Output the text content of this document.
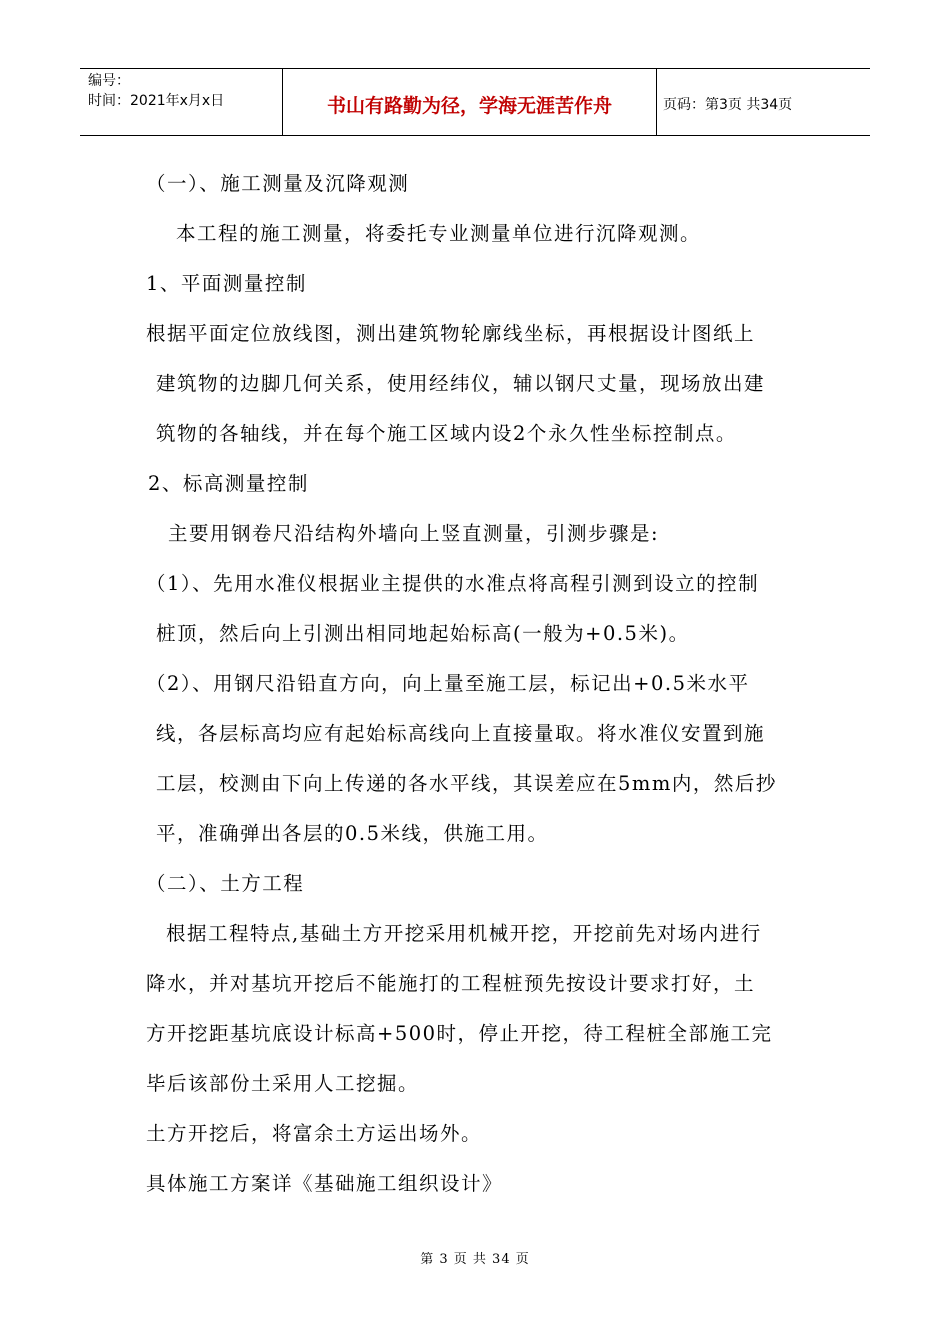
编号：
时间：2021年x月x日	书山有路勤为径，学海无涯苦作舟	页码：第3页 共34页
（一）、施工测量及沉降观测
本工程的施工测量，将委托专业测量单位进行沉降观测。
1、平面测量控制
根据平面定位放线图，测出建筑物轮廓线坐标，再根据设计图纸上
建筑物的边脚几何关系，使用经纬仪，辅以钢尺丈量，现场放出建
筑物的各轴线，并在每个施工区域内设2个永久性坐标控制点。
2、标高测量控制
主要用钢卷尺沿结构外墙向上竖直测量，引测步骤是:
（1）、先用水准仪根据业主提供的水准点将高程引测到设立的控制
桩顶，然后向上引测出相同地起始标高(一般为+0.5米)。
（2）、用钢尺沿铅直方向，向上量至施工层，标记出+0.5米水平
线，各层标高均应有起始标高线向上直接量取。将水准仪安置到施
工层，校测由下向上传递的各水平线，其误差应在5mm内，然后抄
平，准确弹出各层的0.5米线，供施工用。
（二）、土方工程
根据工程特点,基础土方开挖采用机械开挖，开挖前先对场内进行
降水，并对基坑开挖后不能施打的工程桩预先按设计要求打好，土
方开挖距基坑底设计标高+500时，停止开挖，待工程桩全部施工完
毕后该部份土采用人工挖掘。
土方开挖后，将富余土方运出场外。
具体施工方案详《基础施工组织设计》
第 3 页 共 34 页
